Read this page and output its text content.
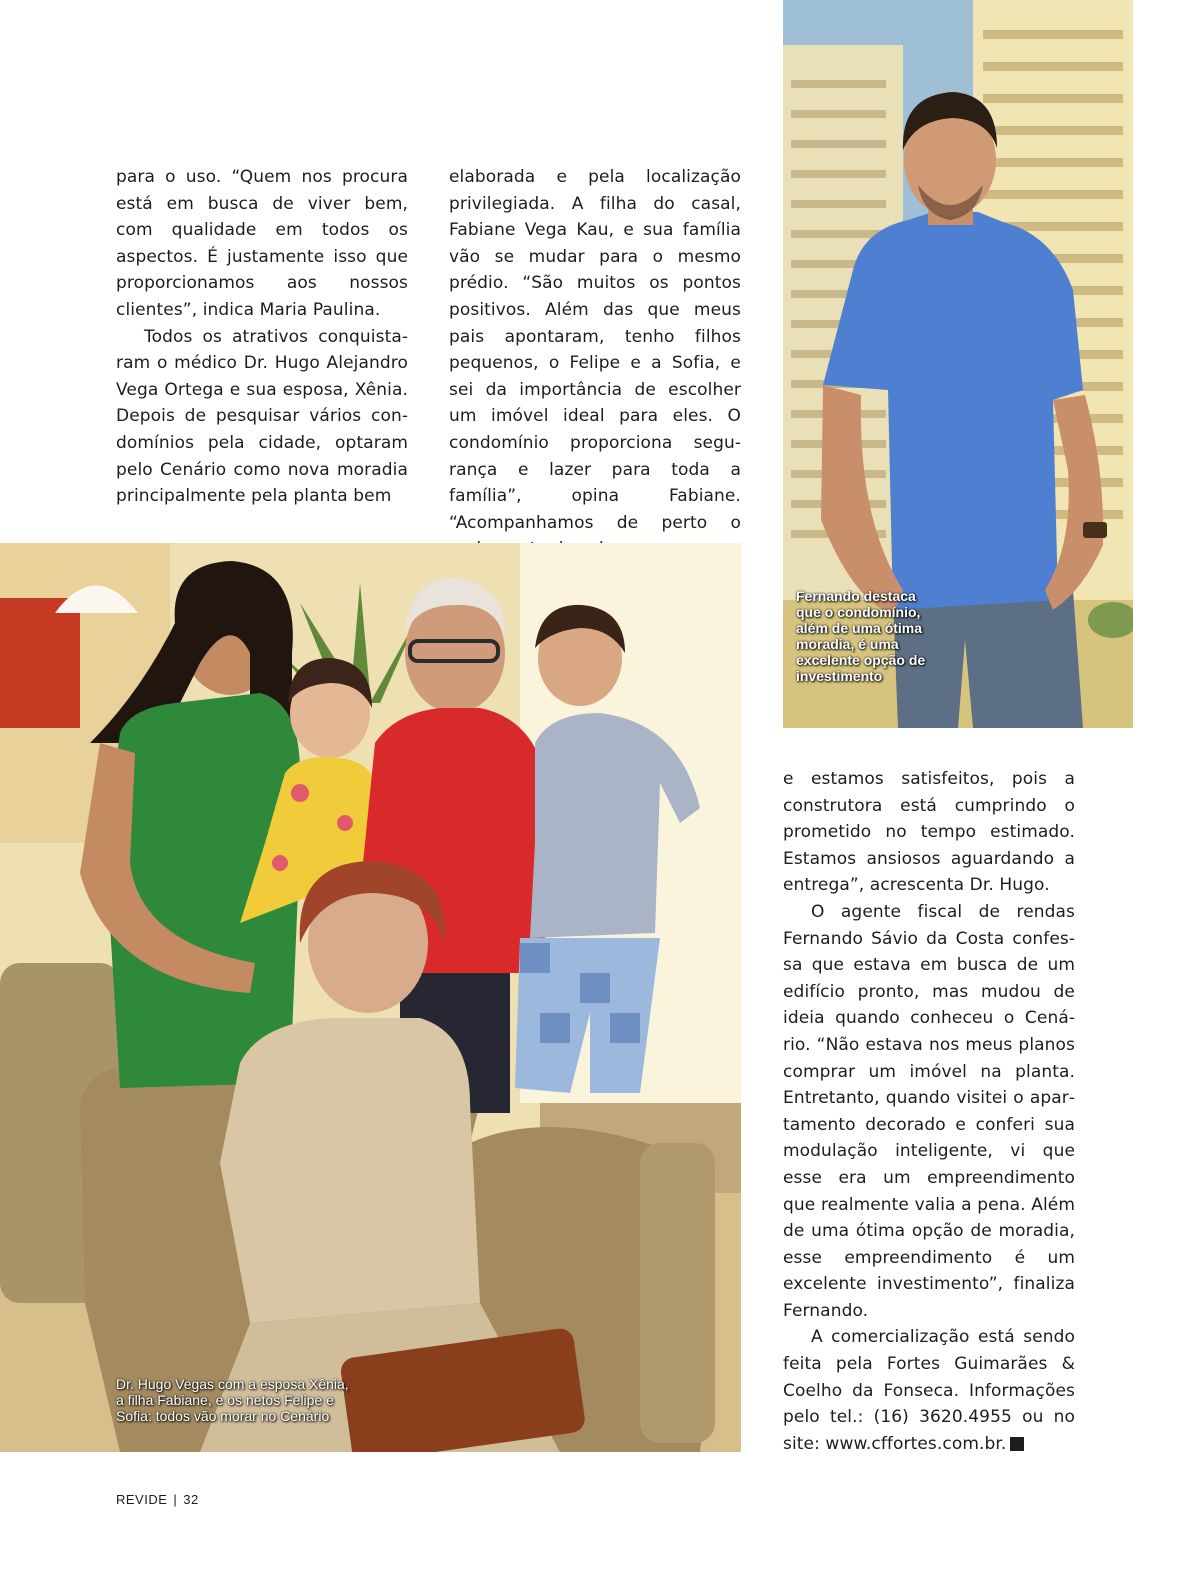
para o uso. “Quem nos procura está em busca de viver bem, com qualidade em todos os aspectos. É justamente isso que proporcionamos aos nossos clientes”, indica Maria Paulina.

Todos os atrativos conquistaram o médico Dr. Hugo Alejandro Vega Ortega e sua esposa, Xênia. Depois de pesquisar vários condomínios pela cidade, optaram pelo Cenário como nova moradia principalmente pela planta bem

elaborada e pela localização privilegiada. A filha do casal, Fabiane Vega Kau, e sua família vão se mudar para o mesmo prédio. “São muitos os pontos positivos. Além das que meus pais apontaram, tenho filhos pequenos, o Felipe e a Sofia, e sei da importância de escolher um imóvel ideal para eles. O condomínio proporciona segurança e lazer para toda a família”, opina Fabiane. “Acompanhamos de perto o

Fernando destaca que o condomínio, além de uma ótima moradia, é uma excelente opção de investimento
Dr. Hugo Vegas com a esposa Xênia, a filha Fabiane, e os netos Felipe e Sofia: todos vão morar no Cenário

e estamos satisfeitos, pois a construtora está cumprindo o prometido no tempo estimado. Estamos ansiosos aguardando a entrega”, acrescenta Dr. Hugo.

O agente fiscal de rendas Fernando Sávio da Costa confessa que estava em busca de um edifício pronto, mas mudou de ideia quando conheceu o Cenário. “Não estava nos meus planos comprar um imóvel na planta. Entretanto, quando visitei o apartamento decorado e conferi sua modulação inteligente, vi que esse era um empreendimento que realmente valia a pena. Além de uma ótima opção de moradia, esse empreendimento é um excelente investimento”, finaliza Fernando.

A comercialização está sendo feita pela Fortes Guimarães & Coelho da Fonseca. Informações pelo tel.: (16) 3620.4955 ou no site: www.cffortes.com.br.	r

REVIDE | 32
